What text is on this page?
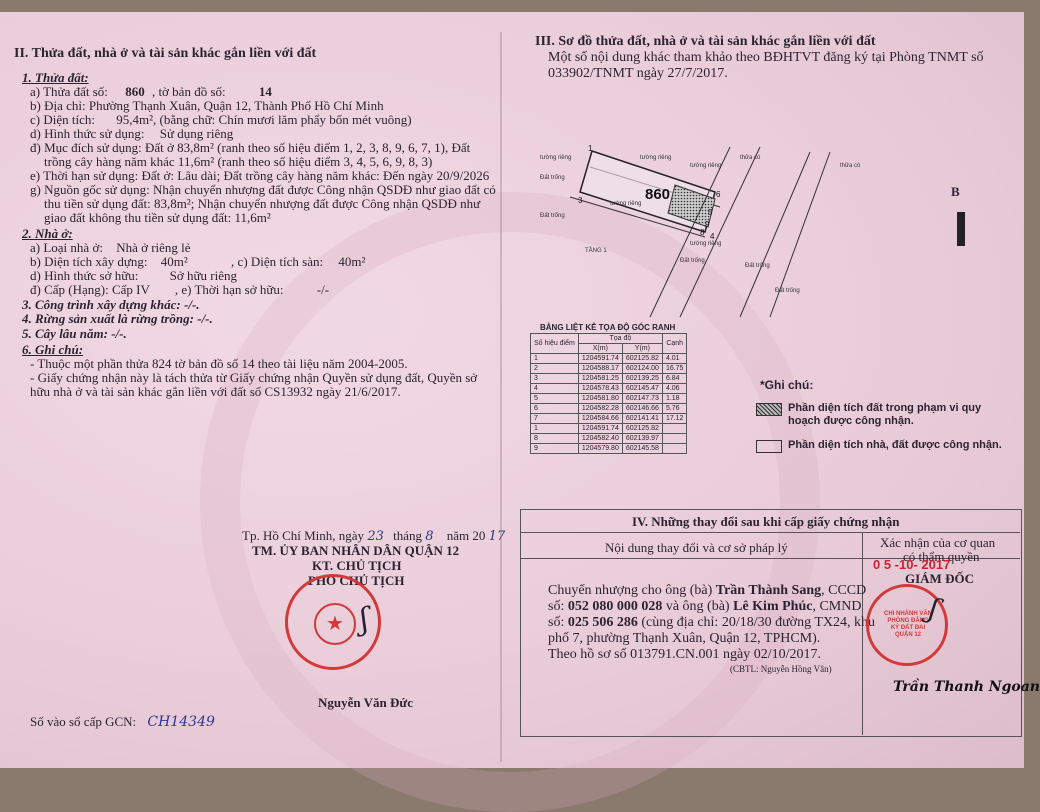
II. Thửa đất, nhà ở và tài sản khác gắn liền với đất
1. Thửa đất:
a) Thửa đất số: 860 , tờ bản đồ số:	14
b) Địa chỉ: Phường Thạnh Xuân, Quận 12, Thành Phố Hồ Chí Minh
c) Diện tích: 95,4m², (bằng chữ: Chín mươi lăm phẩy bốn mét vuông)
d) Hình thức sử dụng: Sử dụng riêng
đ) Mục đích sử dụng: Đất ở 83,8m² (ranh theo số hiệu điểm 1, 2, 3, 8, 9, 6, 7, 1), Đất
trồng cây hàng năm khác 11,6m² (ranh theo số hiệu điểm 3, 4, 5, 6, 9, 8, 3)
e) Thời hạn sử dụng: Đất ở: Lâu dài; Đất trồng cây hàng năm khác: Đến ngày 20/9/2026
g) Nguồn gốc sử dụng: Nhận chuyển nhượng đất được Công nhận QSDĐ như giao đất có
thu tiền sử dụng đất: 83,8m²; Nhận chuyển nhượng đất được Công nhận QSDĐ như
giao đất không thu tiền sử dụng đất: 11,6m²
2. Nhà ở:
a) Loại nhà ở: Nhà ở riêng lẻ
b) Diện tích xây dựng: 40m²	, c) Diện tích sàn: 40m²
d) Hình thức sở hữu: Sở hữu riêng
đ) Cấp (Hạng): Cấp IV , e) Thời hạn sở hữu:	-/-
3. Công trình xây dựng khác: -/-.
4. Rừng sản xuất là rừng trồng: -/-.
5. Cây lâu năm: -/-.
6. Ghi chú:
- Thuộc một phần thửa 824 tờ bản đồ số 14 theo tài liệu năm 2004-2005.
- Giấy chứng nhận này là tách thửa từ Giấy chứng nhận Quyền sử dụng đất, Quyền sở
hữu nhà ở và tài sản khác gắn liền với đất số CS13932 ngày 21/6/2017.
Tp. Hồ Chí Minh, ngày 23 tháng 8 năm 20 17
TM. ỦY BAN NHÂN DÂN QUẬN 12
KT. CHỦ TỊCH
PHÓ CHỦ TỊCH
★ ʃ
Nguyễn Văn Đức
Số vào sổ cấp GCN: CH14349
III. Sơ đồ thửa đất, nhà ở và tài sản khác gắn liền với đất
Một số nội dung khác tham khảo theo BĐHTVT đăng ký tại Phòng TNMT số
033902/TNMT ngày 27/7/2017.
tường riêng
Đất trống
Đất trống
TẦNG 1
tường riêng
tường riêng
tường riêng
tường riêng
thửa có
thửa có
Đất trống
Đất trống
Đất trống
860
1
3
5
6
4
8
9
B
BẢNG LIỆT KÊ TỌA ĐỘ GÓC RANH
Số hiệu điểm	Tọa độ		Cạnh
	X(m)	Y(m)	
1	1204591.74	602125.82	4.01
2	1204588.17	602124.00	16.75
3	1204581.25	602139.25	6.84
4	1204578.43	602145.47	4.06
5	1204581.80	602147.73	1.18
6	1204582.28	602146.66	5.76
7	1204584.66	602141.41	17.12
1	1204591.74	602125.82	
8	1204582.40	602139.97	
9	1204579.80	602145.58	
*Ghi chú:
Phần diện tích đất trong phạm vi quy
hoạch được công nhận.
Phần diện tích nhà, đất được công nhận.
IV. Những thay đổi sau khi cấp giấy chứng nhận
Nội dung thay đổi và cơ sở pháp lý	Xác nhận của cơ quan
có thẩm quyền
Chuyển nhượng cho ông (bà) Trần Thành Sang, CCCD
số: 052 080 000 028 và ông (bà) Lê Kim Phúc, CMND
số: 025 506 286 (cùng địa chỉ: 20/18/30 đường TX24, khu
phố 7, phường Thạnh Xuân, Quận 12, TPHCM).
Theo hồ sơ số 013791.CN.001 ngày 02/10/2017.
(CBTL: Nguyễn Hồng Vân)
0 5 -10- 2017
GIÁM ĐỐC
CHI NHÁNH VĂN PHÒNG ĐĂNG KÝ ĐẤT ĐAI QUẬN 12
ʃ
Trần Thanh Ngoan
